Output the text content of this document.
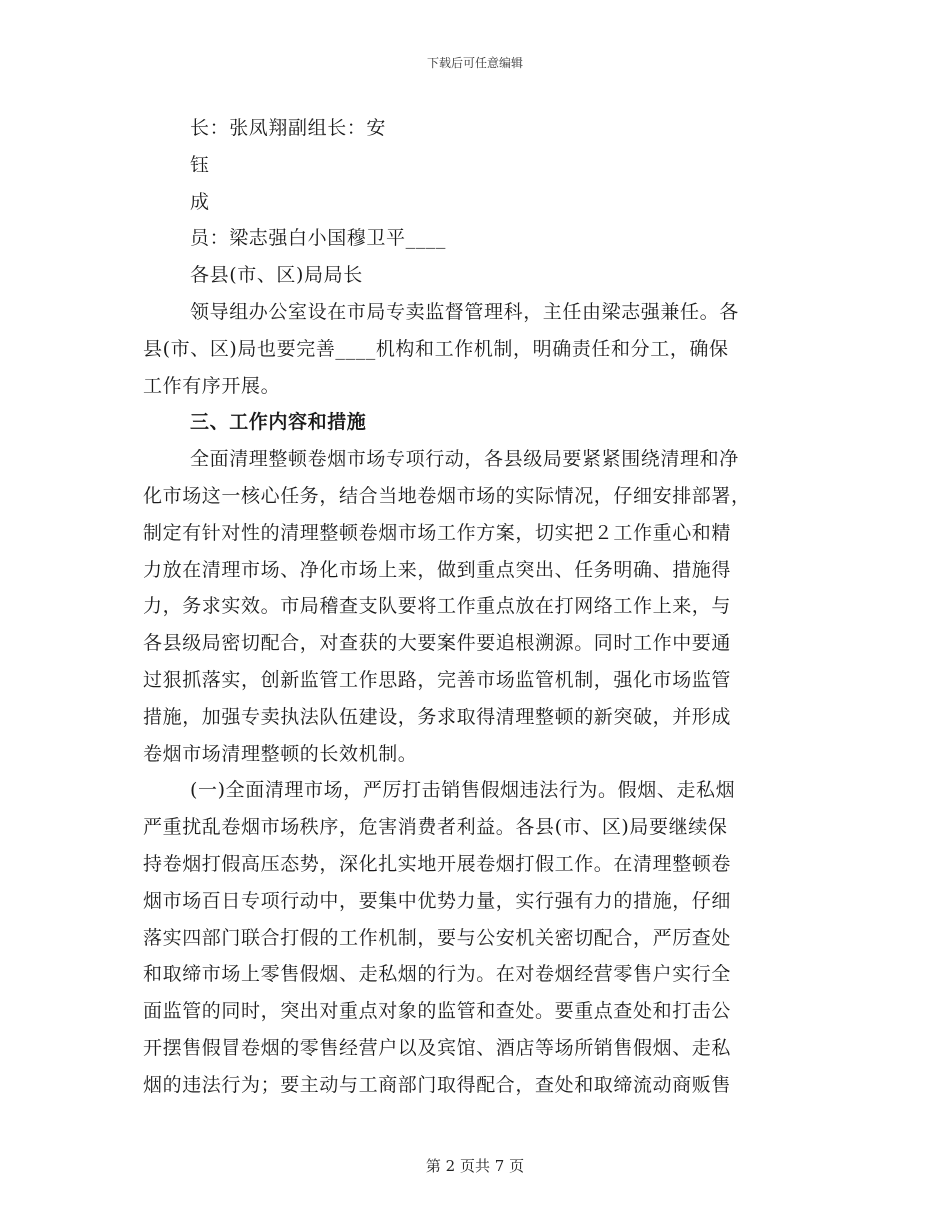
下载后可任意编辑
长：张凤翔副组长：安
钰
成
员：梁志强白小国穆卫平____
各县(市、区)局局长
领导组办公室设在市局专卖监督管理科，主任由梁志强兼任。各
县(市、区)局也要完善____机构和工作机制，明确责任和分工，确保
工作有序开展。
三、工作内容和措施
全面清理整顿卷烟市场专项行动，各县级局要紧紧围绕清理和净
化市场这一核心任务，结合当地卷烟市场的实际情况，仔细安排部署，
制定有针对性的清理整顿卷烟市场工作方案，切实把２工作重心和精
力放在清理市场、净化市场上来，做到重点突出、任务明确、措施得
力，务求实效。市局稽查支队要将工作重点放在打网络工作上来，与
各县级局密切配合，对查获的大要案件要追根溯源。同时工作中要通
过狠抓落实，创新监管工作思路，完善市场监管机制，强化市场监管
措施，加强专卖执法队伍建设，务求取得清理整顿的新突破，并形成
卷烟市场清理整顿的长效机制。
(一)全面清理市场，严厉打击销售假烟违法行为。假烟、走私烟
严重扰乱卷烟市场秩序，危害消费者利益。各县(市、区)局要继续保
持卷烟打假高压态势，深化扎实地开展卷烟打假工作。在清理整顿卷
烟市场百日专项行动中，要集中优势力量，实行强有力的措施，仔细
落实四部门联合打假的工作机制，要与公安机关密切配合，严厉查处
和取缔市场上零售假烟、走私烟的行为。在对卷烟经营零售户实行全
面监管的同时，突出对重点对象的监管和查处。要重点查处和打击公
开摆售假冒卷烟的零售经营户以及宾馆、酒店等场所销售假烟、走私
烟的违法行为；要主动与工商部门取得配合，查处和取缔流动商贩售
第 2 页共 7 页
